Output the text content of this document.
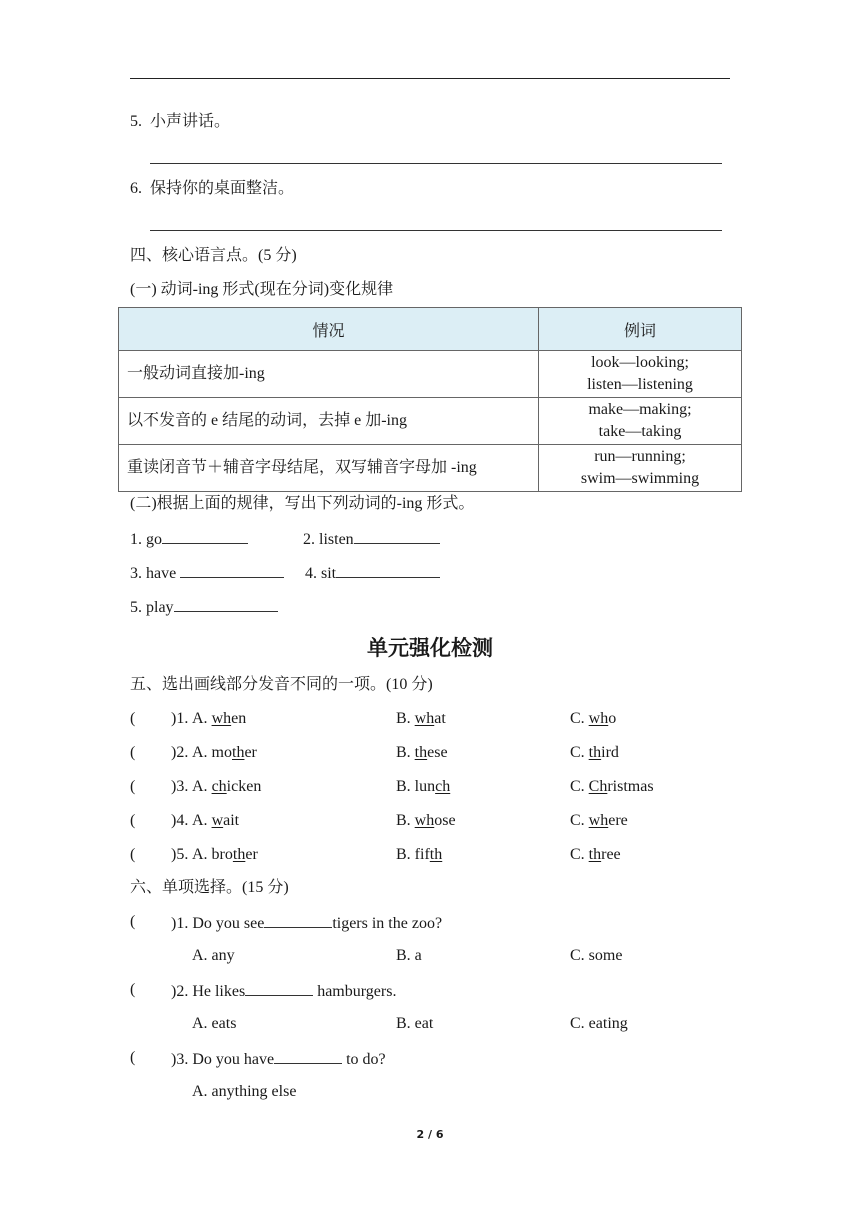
5. 小声讲话。
6. 保持你的桌面整洁。
四、核心语言点。(5 分)
(一) 动词-ing 形式(现在分词)变化规律
情况	例词
一般动词直接加-ing	look—looking;
listen—listening
以不发音的 e 结尾的动词，去掉 e 加-ing	make—making;
take—taking
重读闭音节＋辅音字母结尾，双写辅音字母加 -ing	run—running;
swim—swimming
(二)根据上面的规律，写出下列动词的-ing 形式。
1. go	2. listen
3. have	4. sit
5. play
单元强化检测
五、选出画线部分发音不同的一项。(10 分)
( )1. A. when	B. what	C. who
( )2. A. mother	B. these	C. third
( )3. A. chicken	B. lunch	C. Christmas
( )4. A. wait	B. whose	C. where
( )5. A. brother	B. fifth	C. three
六、单项选择。(15 分)
( )1. Do you see	tigers in the zoo?
A. any	B. a	C. some
( )2. He likes	hamburgers.
A. eats	B. eat	C. eating
( )3. Do you have	to do?
A. anything else
2 / 6
